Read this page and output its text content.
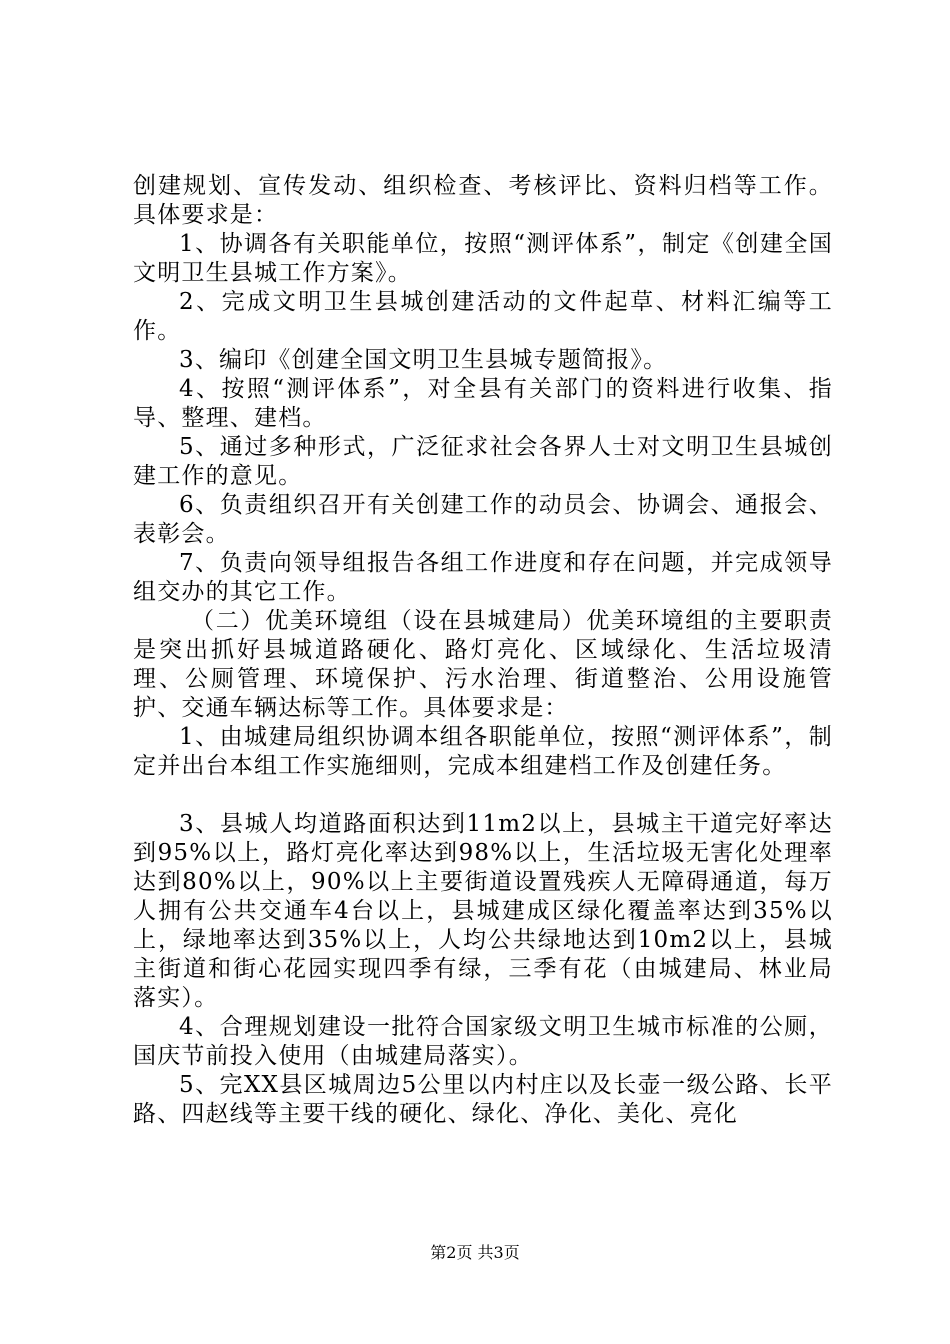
创建规划、宣传发动、组织检查、考核评比、资料归档等工作。具体要求是：

1、协调各有关职能单位，按照“测评体系”，制定《创建全国文明卫生县城工作方案》。

2、完成文明卫生县城创建活动的文件起草、材料汇编等工作。

3、编印《创建全国文明卫生县城专题简报》。

4、按照“测评体系”，对全县有关部门的资料进行收集、指导、整理、建档。

5、通过多种形式，广泛征求社会各界人士对文明卫生县城创建工作的意见。

6、负责组织召开有关创建工作的动员会、协调会、通报会、表彰会。

7、负责向领导组报告各组工作进度和存在问题，并完成领导组交办的其它工作。

（二）优美环境组（设在县城建局）优美环境组的主要职责是突出抓好县城道路硬化、路灯亮化、区域绿化、生活垃圾清理、公厕管理、环境保护、污水治理、街道整治、公用设施管护、交通车辆达标等工作。具体要求是：

1、由城建局组织协调本组各职能单位，按照“测评体系”，制定并出台本组工作实施细则，完成本组建档工作及创建任务。

3、县城人均道路面积达到11m2以上，县城主干道完好率达到95%以上，路灯亮化率达到98%以上，生活垃圾无害化处理率达到80%以上，90%以上主要街道设置残疾人无障碍通道，每万人拥有公共交通车4台以上，县城建成区绿化覆盖率达到35%以上，绿地率达到35%以上，人均公共绿地达到10m2以上，县城主街道和街心花园实现四季有绿，三季有花（由城建局、林业局落实）。

4、合理规划建设一批符合国家级文明卫生城市标准的公厕，国庆节前投入使用（由城建局落实）。

5、完XX县区城周边5公里以内村庄以及长壶一级公路、长平路、四赵线等主要干线的硬化、绿化、净化、美化、亮化

第2页 共3页
